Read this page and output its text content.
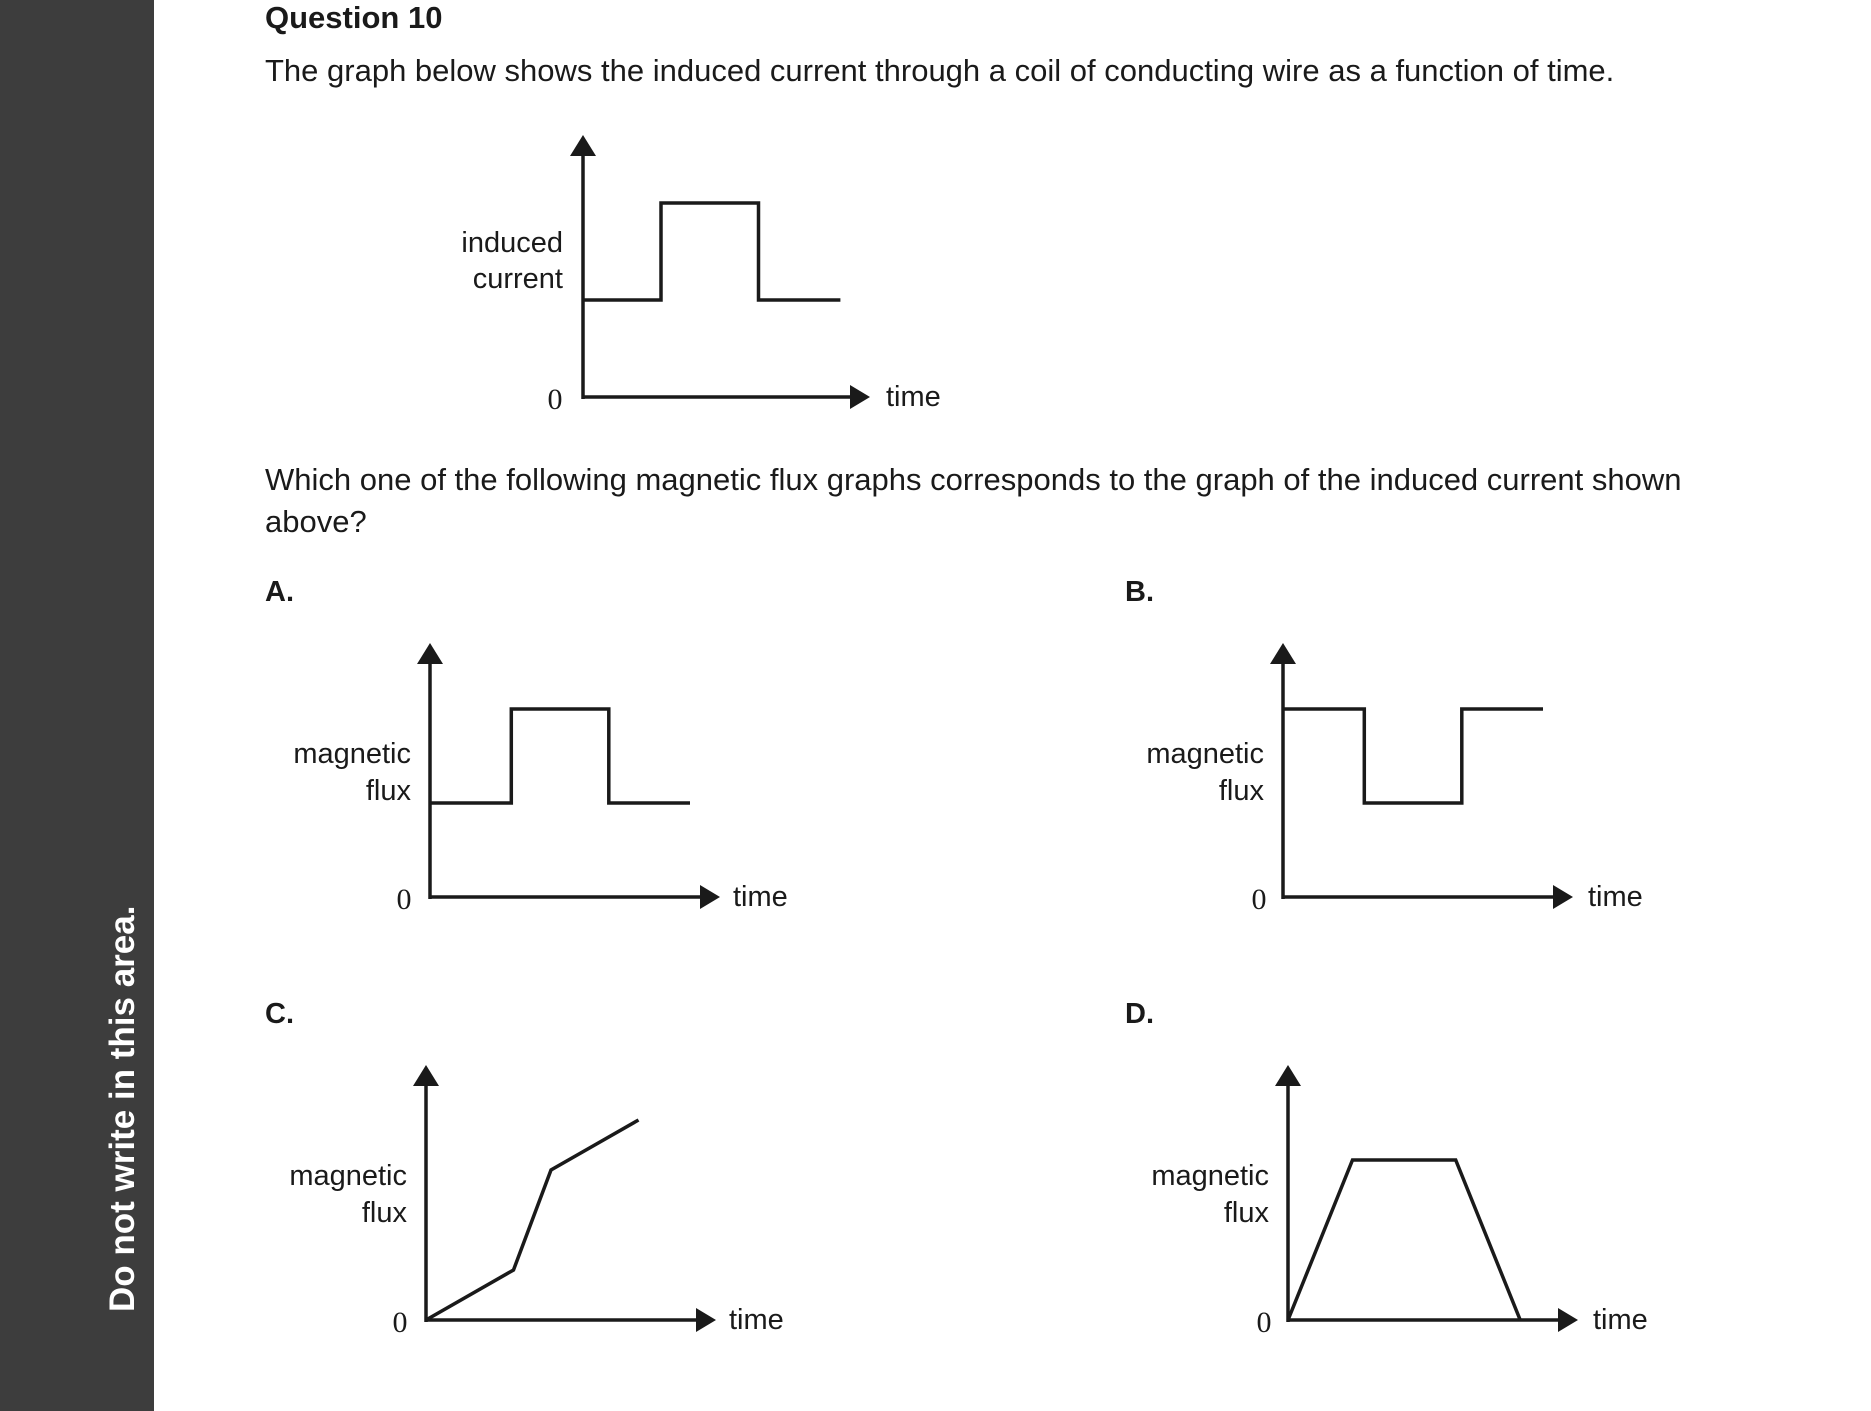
Do not write in this area.
Question 10
The graph below shows the induced current through a coil of conducting wire as a function of time.
Which one of the following magnetic flux graphs corresponds to the graph of the induced current shown above?
A.	B.
C.	D.
induced
current
time
0
magnetic
flux
time
0
magnetic
flux
time
0
magnetic
flux
time
0
magnetic
flux
time
0
